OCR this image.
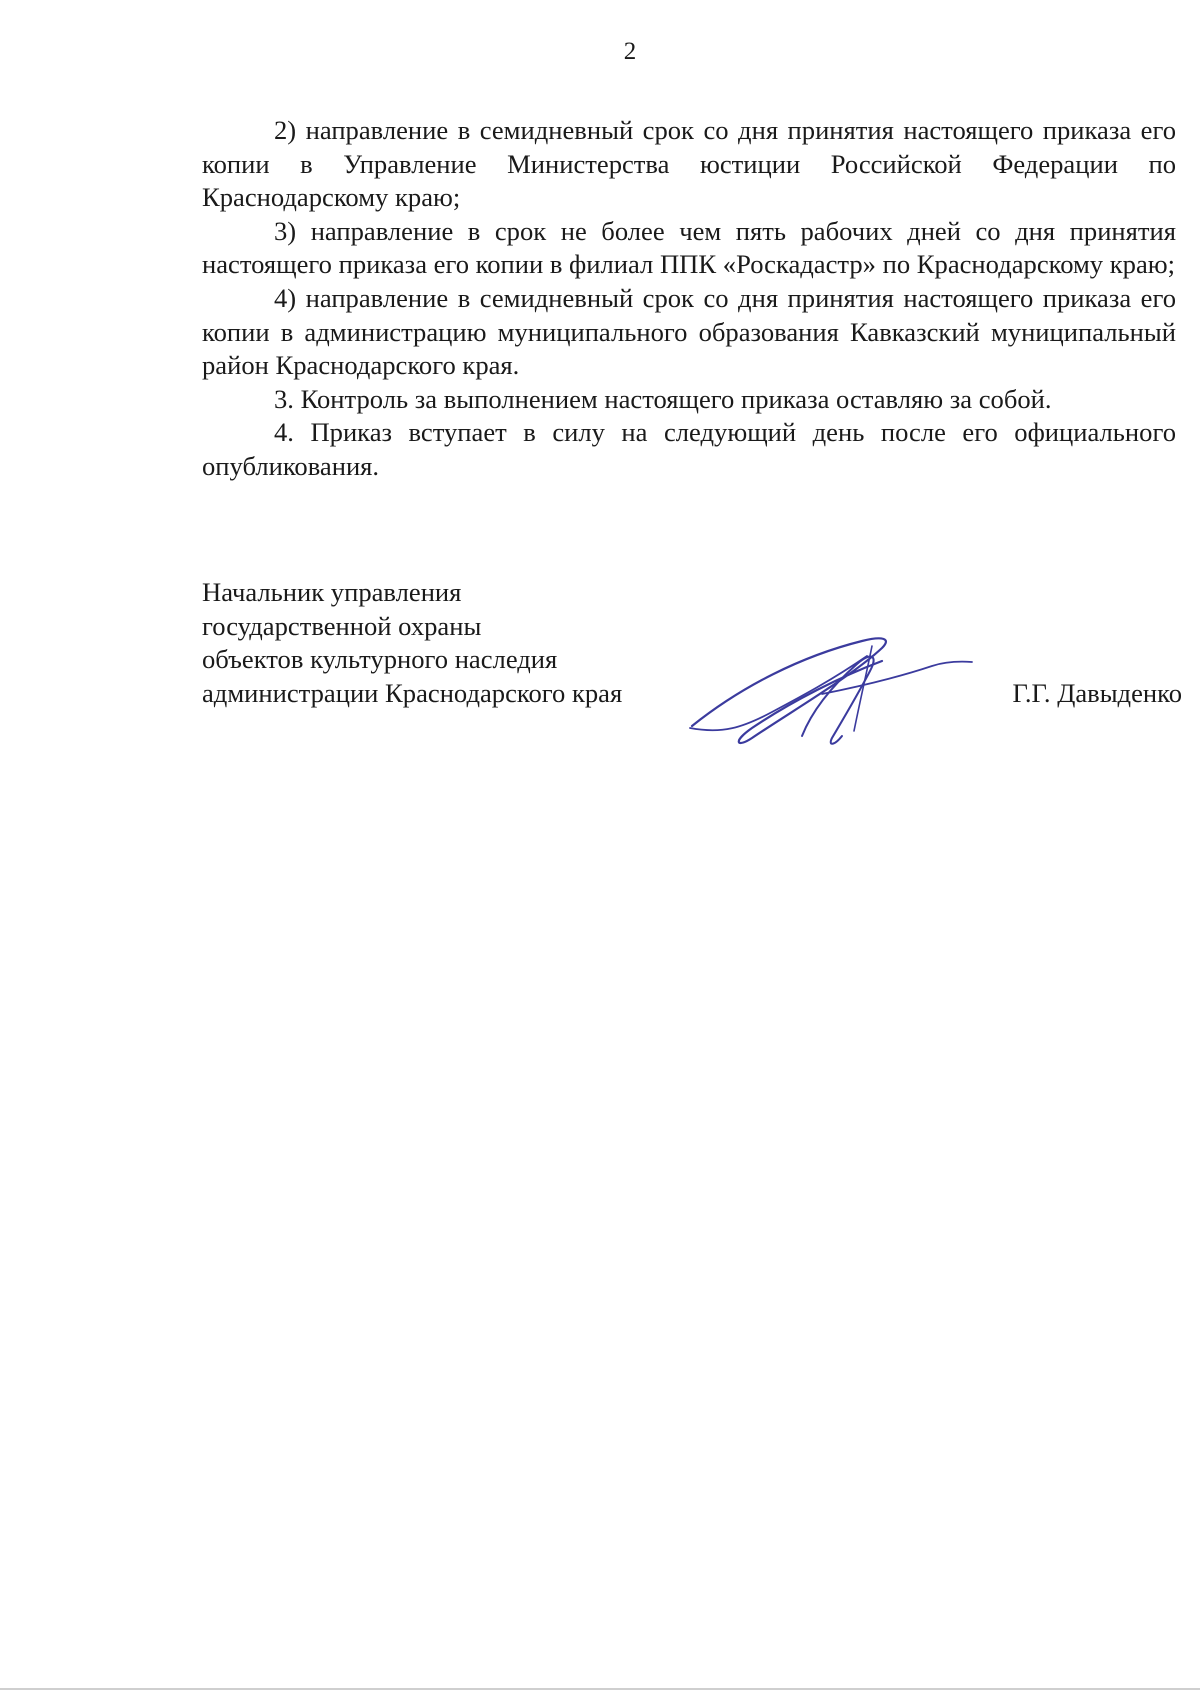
2

2) направление в семидневный срок со дня принятия настоящего приказа его копии в Управление Министерства юстиции Российской Федерации по Краснодарскому краю;

3) направление в срок не более чем пять рабочих дней со дня принятия настоящего приказа его копии в филиал ППК «Роскадастр» по Краснодарскому краю;

4) направление в семидневный срок со дня принятия настоящего приказа его копии в администрацию муниципального образования Кавказский муниципальный район Краснодарского края.

3. Контроль за выполнением настоящего приказа оставляю за собой.

4. Приказ вступает в силу на следующий день после его официального опубликования.

Начальник управления
государственной охраны
объектов культурного наследия
администрации Краснодарского края	Г.Г. Давыденко
